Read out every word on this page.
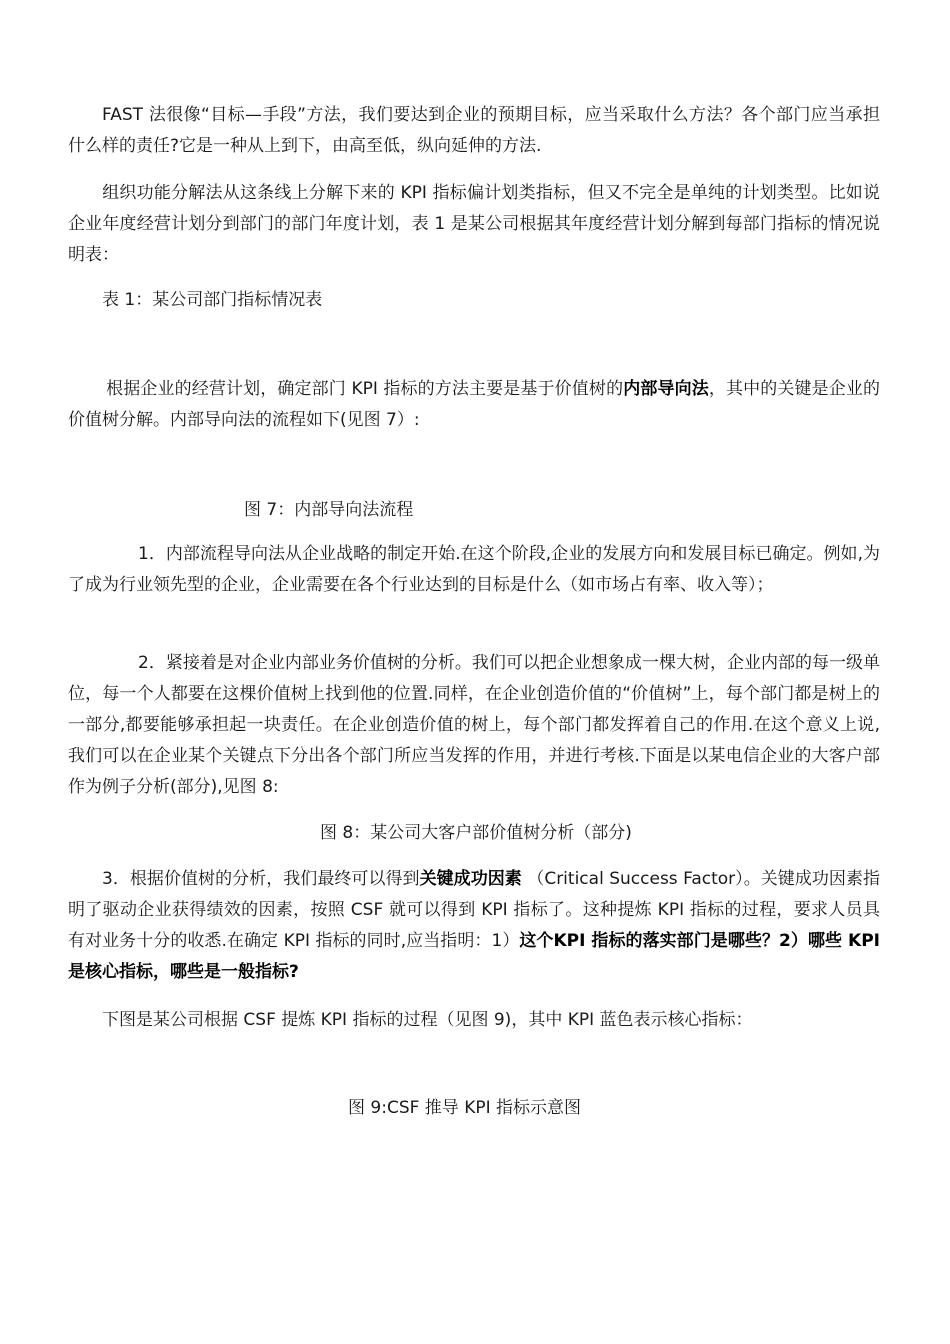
FAST 法很像“目标—手段”方法，我们要达到企业的预期目标，应当采取什么方法？各个部门应当承担什么样的责任?它是一种从上到下，由高至低，纵向延伸的方法.

组织功能分解法从这条线上分解下来的 KPI 指标偏计划类指标，但又不完全是单纯的计划类型。比如说企业年度经营计划分到部门的部门年度计划，表 1 是某公司根据其年度经营计划分解到每部门指标的情况说明表：

表 1：某公司部门指标情况表

根据企业的经营计划，确定部门 KPI 指标的方法主要是基于价值树的内部导向法，其中的关键是企业的价值树分解。内部导向法的流程如下(见图 7）:

图 7：内部导向法流程

1．内部流程导向法从企业战略的制定开始.在这个阶段,企业的发展方向和发展目标已确定。例如,为了成为行业领先型的企业，企业需要在各个行业达到的目标是什么（如市场占有率、收入等）；

2．紧接着是对企业内部业务价值树的分析。我们可以把企业想象成一棵大树，企业内部的每一级单位，每一个人都要在这棵价值树上找到他的位置.同样，在企业创造价值的“价值树”上，每个部门都是树上的一部分,都要能够承担起一块责任。在企业创造价值的树上，每个部门都发挥着自己的作用.在这个意义上说,我们可以在企业某个关键点下分出各个部门所应当发挥的作用，并进行考核.下面是以某电信企业的大客户部作为例子分析(部分),见图 8:

图 8：某公司大客户部价值树分析（部分)

3．根据价值树的分析，我们最终可以得到关键成功因素 （Critical Success Factor）。关键成功因素指明了驱动企业获得绩效的因素，按照 CSF 就可以得到 KPI 指标了。这种提炼 KPI 指标的过程，要求人员具有对业务十分的收悉.在确定 KPI 指标的同时,应当指明：1）这个KPI 指标的落实部门是哪些？2）哪些 KPI 是核心指标，哪些是一般指标?

下图是某公司根据 CSF 提炼 KPI 指标的过程（见图 9)，其中 KPI 蓝色表示核心指标：

图 9:CSF 推导 KPI 指标示意图
